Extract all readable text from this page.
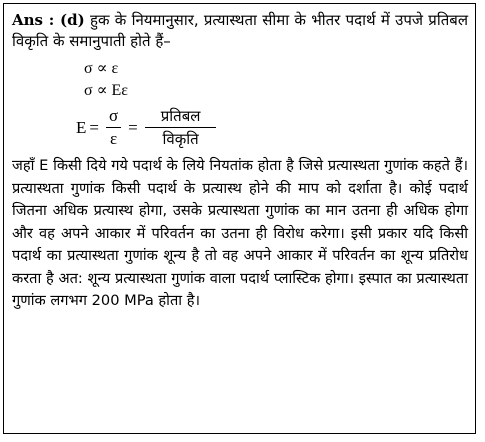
Ans : (d) हुक के नियमानुसार, प्रत्यास्थता सीमा के भीतर पदार्थ में उपजे प्रतिबल विकृति के समानुपाती होते हैं–

σ ∝ ε
σ ∝ Eε
$E = \frac{\sigma}{\varepsilon} = \frac{\text{प्रतिबल}}{\text{विकृति}}$

जहाँ E किसी दिये गये पदार्थ के लिये नियतांक होता है जिसे प्रत्यास्थता गुणांक कहते हैं। प्रत्यास्थता गुणांक किसी पदार्थ के प्रत्यास्थ होने की माप को दर्शाता है। कोई पदार्थ जितना अधिक प्रत्यास्थ होगा, उसके प्रत्यास्थता गुणांक का मान उतना ही अधिक होगा और वह अपने आकार में परिवर्तन का उतना ही विरोध करेगा। इसी प्रकार यदि किसी पदार्थ का प्रत्यास्थता गुणांक शून्य है तो वह अपने आकार में परिवर्तन का शून्य प्रतिरोध करता है अत: शून्य प्रत्यास्थता गुणांक वाला पदार्थ प्लास्टिक होगा। इस्पात का प्रत्यास्थता गुणांक लगभग 200 MPa होता है।
